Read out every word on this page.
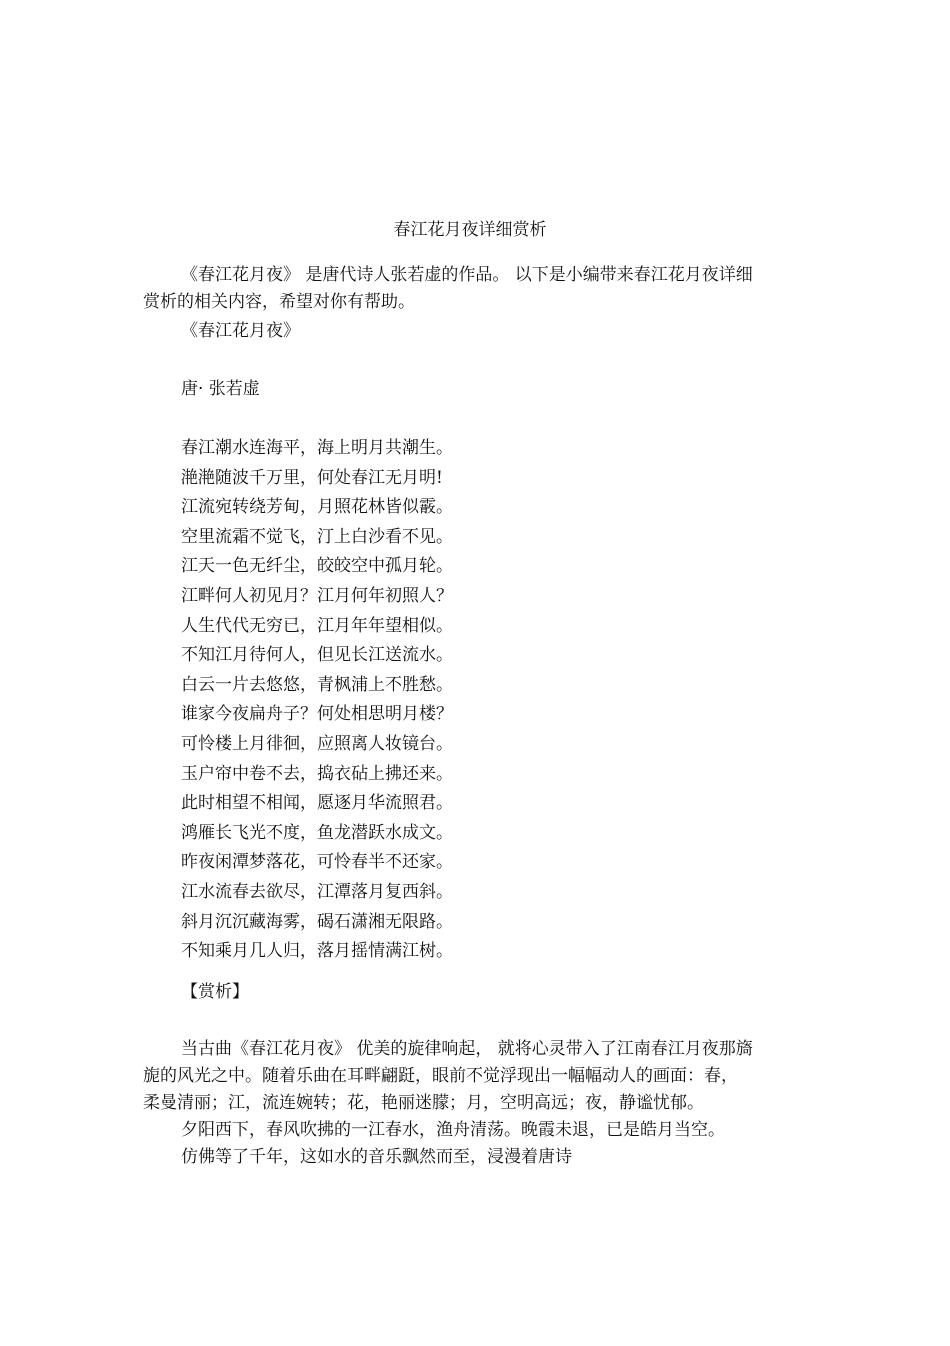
春江花月夜详细赏析
《春江花月夜》 是唐代诗人张若虚的作品。 以下是小编带来春江花月夜详细
赏析的相关内容，希望对你有帮助。

《春江花月夜》

唐· 张若虚

春江潮水连海平，海上明月共潮生。
滟滟随波千万里，何处春江无月明!
江流宛转绕芳甸，月照花林皆似霰。
空里流霜不觉飞，汀上白沙看不见。
江天一色无纤尘，皎皎空中孤月轮。
江畔何人初见月？江月何年初照人？
人生代代无穷已，江月年年望相似。
不知江月待何人，但见长江送流水。
白云一片去悠悠，青枫浦上不胜愁。
谁家今夜扁舟子？何处相思明月楼？
可怜楼上月徘徊，应照离人妆镜台。
玉户帘中卷不去，捣衣砧上拂还来。
此时相望不相闻，愿逐月华流照君。
鸿雁长飞光不度，鱼龙潜跃水成文。
昨夜闲潭梦落花，可怜春半不还家。
江水流春去欲尽，江潭落月复西斜。
斜月沉沉藏海雾，碣石潇湘无限路。
不知乘月几人归，落月摇情满江树。

【赏析】

当古曲《春江花月夜》 优美的旋律响起， 就将心灵带入了江南春江月夜那旖
旎的风光之中。随着乐曲在耳畔翩跹，眼前不觉浮现出一幅幅动人的画面：春，
柔曼清丽；江，流连婉转；花，艳丽迷朦；月，空明高远；夜，静谧忧郁。
夕阳西下，春风吹拂的一江春水，渔舟清荡。晚霞未退，已是皓月当空。
仿佛等了千年，这如水的音乐飘然而至，浸漫着唐诗
